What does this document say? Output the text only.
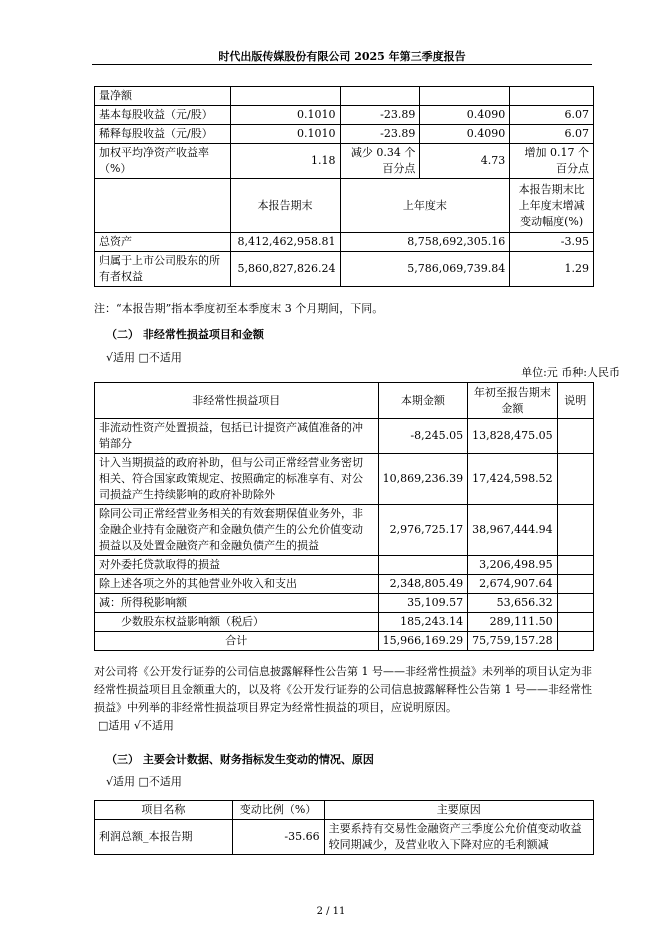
时代出版传媒股份有限公司 2025 年第三季度报告
量净额				
基本每股收益（元/股）	0.1010	-23.89	0.4090	6.07
稀释每股收益（元/股）	0.1010	-23.89	0.4090	6.07
加权平均净资产收益率（%）	1.18	减少 0.34 个百分点	4.73	增加 0.17 个百分点
	本报告期末	上年度末		本报告期末比上年度末增减变动幅度(%)
总资产	8,412,462,958.81	8,758,692,305.16		-3.95
归属于上市公司股东的所有者权益	5,860,827,826.24	5,786,069,739.84		1.29
注：“本报告期”指本季度初至本季度末 3 个月期间，下同。
（二） 非经常性损益项目和金额
√适用 □不适用
单位:元 币种:人民币
非经常性损益项目	本期金额	年初至报告期末金额	说明
非流动性资产处置损益，包括已计提资产减值准备的冲销部分	-8,245.05	13,828,475.05	
计入当期损益的政府补助，但与公司正常经营业务密切相关、符合国家政策规定、按照确定的标准享有、对公司损益产生持续影响的政府补助除外	10,869,236.39	17,424,598.52	
除同公司正常经营业务相关的有效套期保值业务外，非金融企业持有金融资产和金融负债产生的公允价值变动损益以及处置金融资产和金融负债产生的损益	2,976,725.17	38,967,444.94	
对外委托贷款取得的损益		3,206,498.95	
除上述各项之外的其他营业外收入和支出	2,348,805.49	2,674,907.64	
减：所得税影响额	35,109.57	53,656.32	
少数股东权益影响额（税后）	185,243.14	289,111.50	
合计	15,966,169.29	75,759,157.28	
对公司将《公开发行证券的公司信息披露解释性公告第 1 号——非经常性损益》未列举的项目认定为非经常性损益项目且金额重大的，以及将《公开发行证券的公司信息披露解释性公告第 1 号——非经常性损益》中列举的非经常性损益项目界定为经常性损益的项目，应说明原因。
□适用 √不适用
（三） 主要会计数据、财务指标发生变动的情况、原因
√适用 □不适用
项目名称	变动比例（%）	主要原因
利润总额_本报告期	-35.66	主要系持有交易性金融资产三季度公允价值变动收益较同期减少，及营业收入下降对应的毛利额减
2 / 11
